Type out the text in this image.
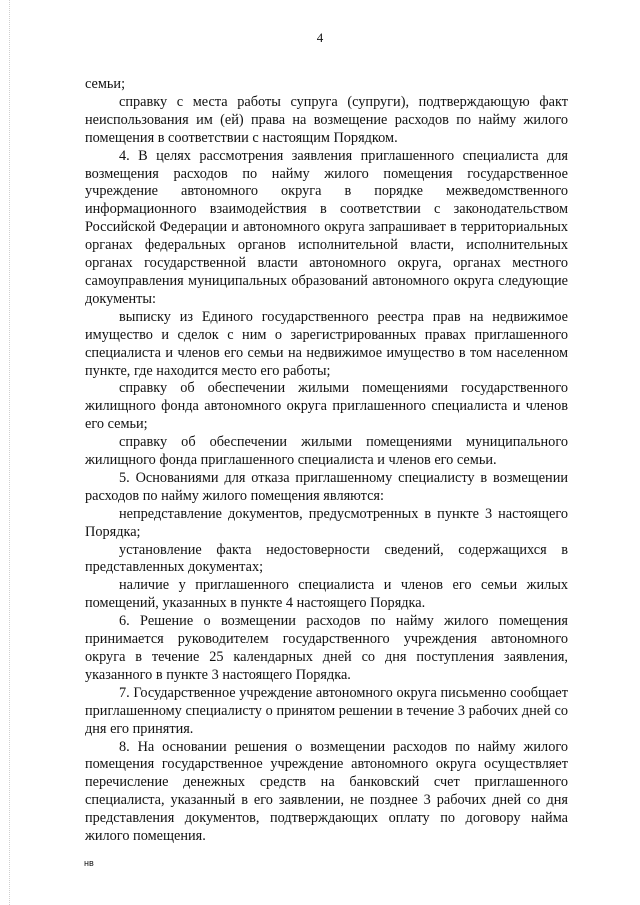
4

семьи;

справку с места работы супруга (супруги), подтверждающую факт неиспользования им (ей) права на возмещение расходов по найму жилого помещения в соответствии с настоящим Порядком.

4. В целях рассмотрения заявления приглашенного специалиста для возмещения расходов по найму жилого помещения государственное учреждение автономного округа в порядке межведомственного информационного взаимодействия в соответствии с законодательством Российской Федерации и автономного округа запрашивает в территориальных органах федеральных органов исполнительной власти, исполнительных органах государственной власти автономного округа, органах местного самоуправления муниципальных образований автономного округа следующие документы:

выписку из Единого государственного реестра прав на недвижимое имущество и сделок с ним о зарегистрированных правах приглашенного специалиста и членов его семьи на недвижимое имущество в том населенном пункте, где находится место его работы;

справку об обеспечении жилыми помещениями государственного жилищного фонда автономного округа приглашенного специалиста и членов его семьи;

справку об обеспечении жилыми помещениями муниципального жилищного фонда приглашенного специалиста и членов его семьи.

5. Основаниями для отказа приглашенному специалисту в возмещении расходов по найму жилого помещения являются:

непредставление документов, предусмотренных в пункте 3 настоящего Порядка;

установление факта недостоверности сведений, содержащихся в представленных документах;

наличие у приглашенного специалиста и членов его семьи жилых помещений, указанных в пункте 4 настоящего Порядка.

6. Решение о возмещении расходов по найму жилого помещения принимается руководителем государственного учреждения автономного округа в течение 25 календарных дней со дня поступления заявления, указанного в пункте 3 настоящего Порядка.

7. Государственное учреждение автономного округа письменно сообщает приглашенному специалисту о принятом решении в течение 3 рабочих дней со дня его принятия.

8. На основании решения о возмещении расходов по найму жилого помещения государственное учреждение автономного округа осуществляет перечисление денежных средств на банковский счет приглашенного специалиста, указанный в его заявлении, не позднее 3 рабочих дней со дня представления документов, подтверждающих оплату по договору найма жилого помещения.

нв
